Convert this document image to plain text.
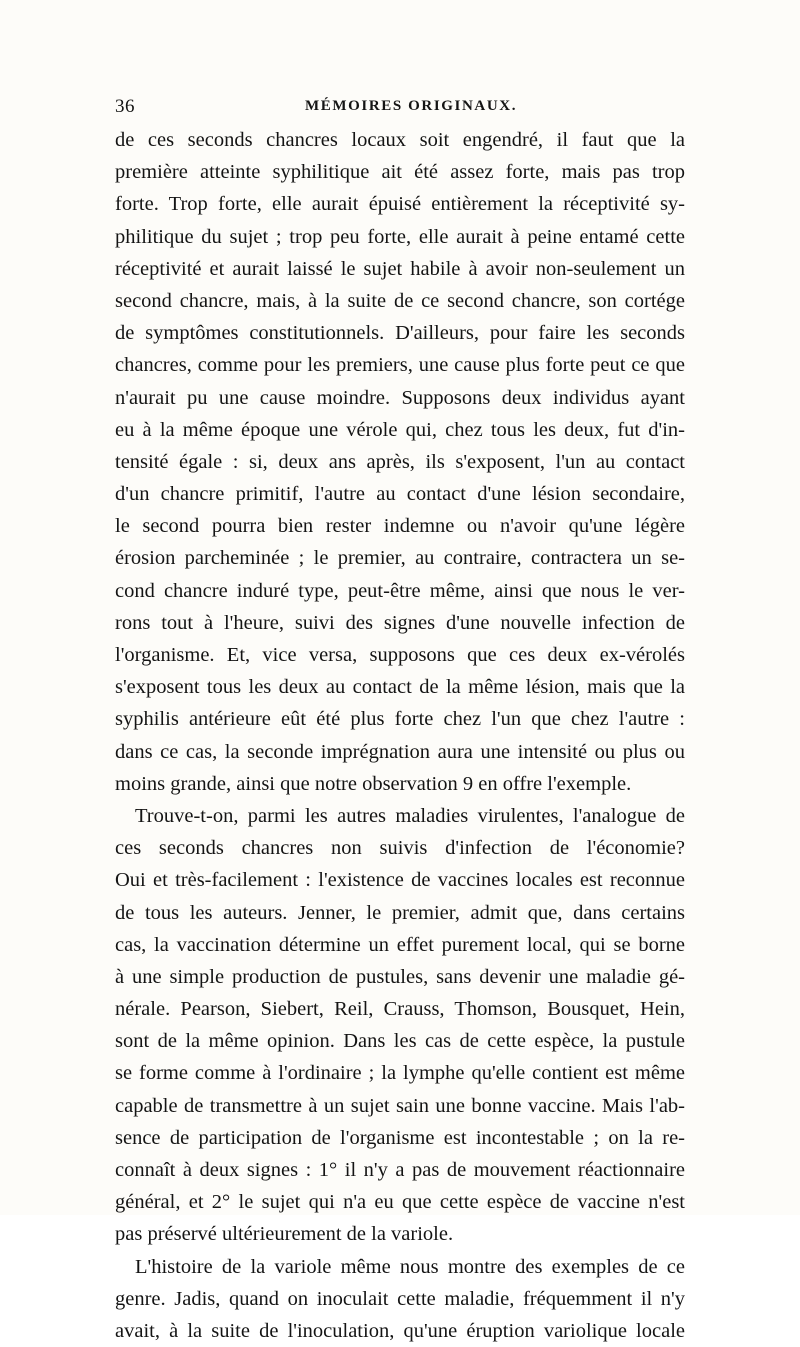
36	MÉMOIRES ORIGINAUX.
de ces seconds chancres locaux soit engendré, il faut que la
première atteinte syphilitique ait été assez forte, mais pas trop
forte. Trop forte, elle aurait épuisé entièrement la réceptivité sy-
philitique du sujet ; trop peu forte, elle aurait à peine entamé cette
réceptivité et aurait laissé le sujet habile à avoir non-seulement un
second chancre, mais, à la suite de ce second chancre, son cortége
de symptômes constitutionnels. D'ailleurs, pour faire les seconds
chancres, comme pour les premiers, une cause plus forte peut ce que
n'aurait pu une cause moindre. Supposons deux individus ayant
eu à la même époque une vérole qui, chez tous les deux, fut d'in-
tensité égale : si, deux ans après, ils s'exposent, l'un au contact
d'un chancre primitif, l'autre au contact d'une lésion secondaire,
le second pourra bien rester indemne ou n'avoir qu'une légère
érosion parcheminée ; le premier, au contraire, contractera un se-
cond chancre induré type, peut-être même, ainsi que nous le ver-
rons tout à l'heure, suivi des signes d'une nouvelle infection de
l'organisme. Et, vice versa, supposons que ces deux ex-vérolés
s'exposent tous les deux au contact de la même lésion, mais que la
syphilis antérieure eût été plus forte chez l'un que chez l'autre :
dans ce cas, la seconde imprégnation aura une intensité ou plus ou
moins grande, ainsi que notre observation 9 en offre l'exemple.
Trouve-t-on, parmi les autres maladies virulentes, l'analogue de
ces seconds chancres non suivis d'infection de l'économie?
Oui et très-facilement : l'existence de vaccines locales est reconnue
de tous les auteurs. Jenner, le premier, admit que, dans certains
cas, la vaccination détermine un effet purement local, qui se borne
à une simple production de pustules, sans devenir une maladie gé-
nérale. Pearson, Siebert, Reil, Crauss, Thomson, Bousquet, Hein,
sont de la même opinion. Dans les cas de cette espèce, la pustule
se forme comme à l'ordinaire ; la lymphe qu'elle contient est même
capable de transmettre à un sujet sain une bonne vaccine. Mais l'ab-
sence de participation de l'organisme est incontestable ; on la re-
connaît à deux signes : 1° il n'y a pas de mouvement réactionnaire
général, et 2° le sujet qui n'a eu que cette espèce de vaccine n'est
pas préservé ultérieurement de la variole.
L'histoire de la variole même nous montre des exemples de ce
genre. Jadis, quand on inoculait cette maladie, fréquemment il n'y
avait, à la suite de l'inoculation, qu'une éruption variolique locale
